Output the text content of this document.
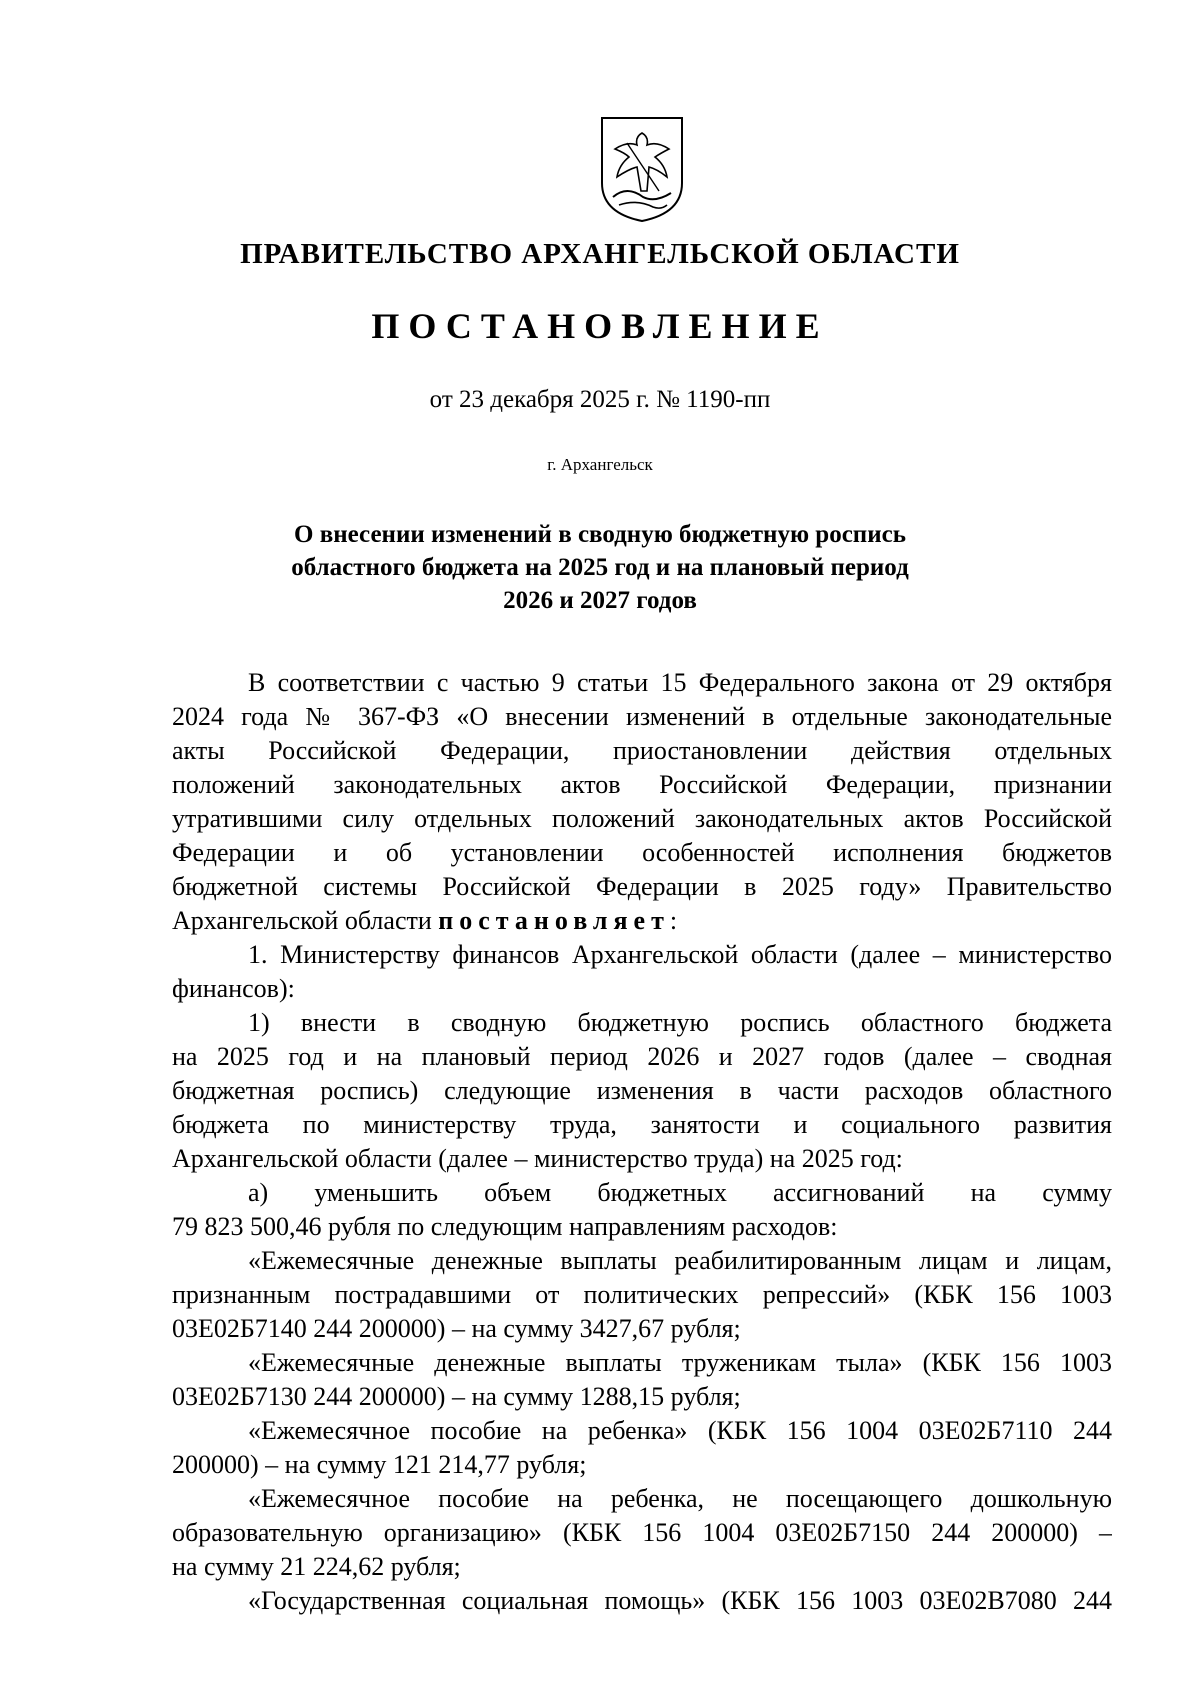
ПРАВИТЕЛЬСТВО АРХАНГЕЛЬСКОЙ ОБЛАСТИ
ПОСТАНОВЛЕНИЕ
от 23 декабря 2025 г. № 1190-пп
г. Архангельск
О внесении изменений в сводную бюджетную роспись
областного бюджета на 2025 год и на плановый период
2026 и 2027 годов
В соответствии с частью 9 статьи 15 Федерального закона от 29 октября
2024 года № 367-ФЗ «О внесении изменений в отдельные законодательные
акты Российской Федерации, приостановлении действия отдельных
положений законодательных актов Российской Федерации, признании
утратившими силу отдельных положений законодательных актов Российской
Федерации и об установлении особенностей исполнения бюджетов
бюджетной системы Российской Федерации в 2025 году» Правительство
Архангельской области постановляет:
1. Министерству финансов Архангельской области (далее – министерство
финансов):
1) внести в сводную бюджетную роспись областного бюджета
на 2025 год и на плановый период 2026 и 2027 годов (далее – сводная
бюджетная роспись) следующие изменения в части расходов областного
бюджета по министерству труда, занятости и социального развития
Архангельской области (далее – министерство труда) на 2025 год:
а) уменьшить объем бюджетных ассигнований на сумму
79 823 500,46 рубля по следующим направлениям расходов:
«Ежемесячные денежные выплаты реабилитированным лицам и лицам,
признанным пострадавшими от политических репрессий» (КБК 156 1003
03Е02Б7140 244 200000) – на сумму 3427,67 рубля;
«Ежемесячные денежные выплаты труженикам тыла» (КБК 156 1003
03Е02Б7130 244 200000) – на сумму 1288,15 рубля;
«Ежемесячное пособие на ребенка» (КБК 156 1004 03Е02Б7110 244
200000) – на сумму 121 214,77 рубля;
«Ежемесячное пособие на ребенка, не посещающего дошкольную
образовательную организацию» (КБК 156 1004 03Е02Б7150 244 200000) –
на сумму 21 224,62 рубля;
«Государственная социальная помощь» (КБК 156 1003 03Е02В7080 244
